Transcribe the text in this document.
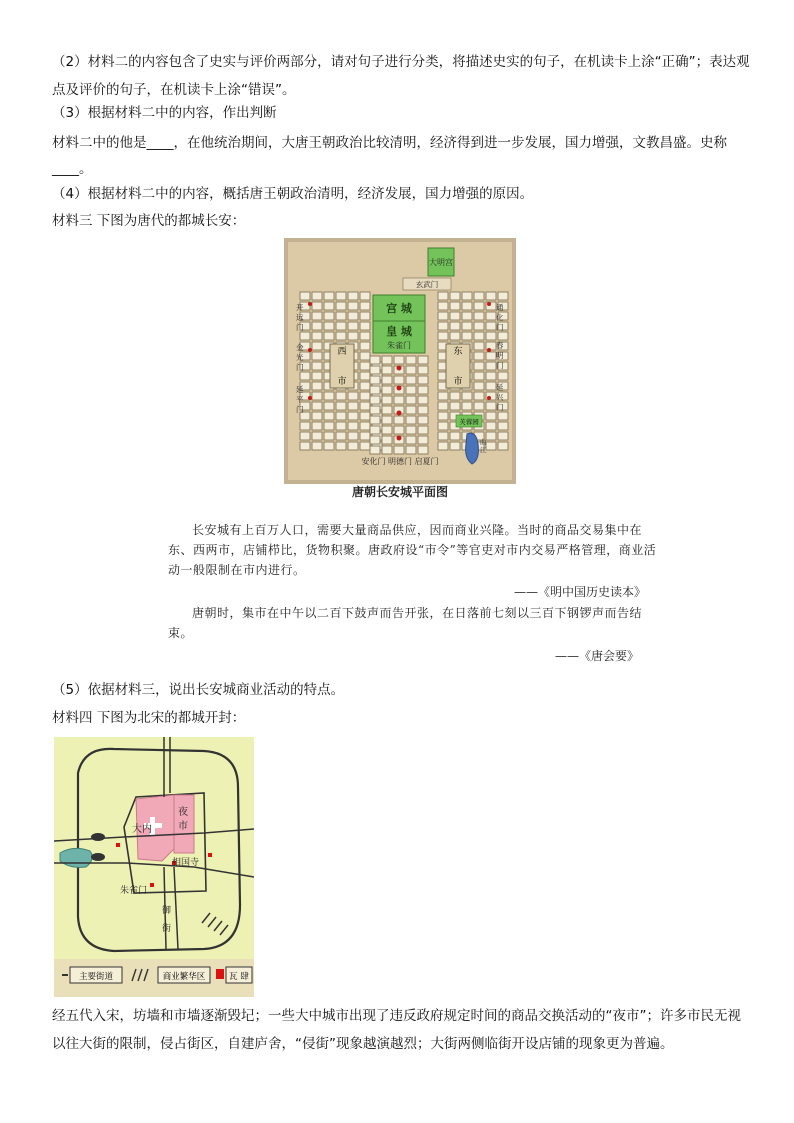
（2）材料二的内容包含了史实与评价两部分，请对句子进行分类，将描述史实的句子，在机读卡上涂“正确”；表达观点及评价的句子，在机读卡上涂“错误”。
（3）根据材料二中的内容，作出判断
材料二中的他是____，在他统治期间，大唐王朝政治比较清明，经济得到进一步发展，国力增强，文教昌盛。史称____。
（4）根据材料二中的内容，概括唐王朝政治清明，经济发展，国力增强的原因。
材料三 下图为唐代的都城长安：
大明宫
玄武门
宫 城
皇 城
朱雀门
西
市
东
市
开远门
金光门
延平门
通化门
春明门
延兴门
芙蓉园
曲江
安化门 明德门 启夏门
唐朝长安城平面图
长安城有上百万人口，需要大量商品供应，因而商业兴隆。当时的商品交易集中在东、西两市，店铺栉比，货物积聚。唐政府设“市令”等官吏对市内交易严格管理，商业活动一般限制在市内进行。
——《明中国历史读本》
唐朝时，集市在中午以二百下鼓声而告开张，在日落前七刻以三百下钢锣声而告结束。
——《唐会要》
（5）依据材料三，说出长安城商业活动的特点。
材料四 下图为北宋的都城开封：
大内
夜市
相国寺
朱雀门
御街
主要街道	商业繁华区	瓦 肆
经五代入宋，坊墙和市墙逐渐毁圮；一些大中城市出现了违反政府规定时间的商品交换活动的“夜市”；许多市民无视以往大街的限制，侵占街区，自建庐舍，“侵街”现象越演越烈；大街两侧临街开设店铺的现象更为普遍。
